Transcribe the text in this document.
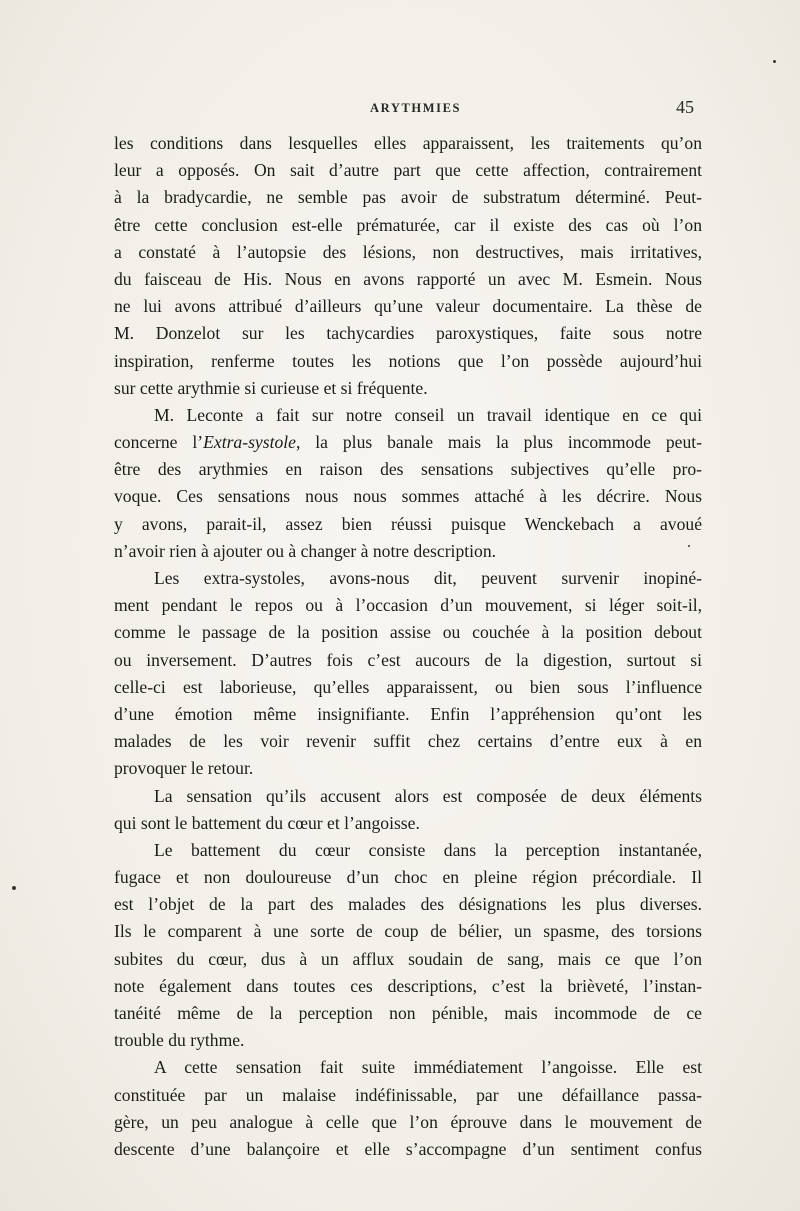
ARYTHMIES	45
les conditions dans lesquelles elles apparaissent, les traitements qu’on
leur a opposés. On sait d’autre part que cette affection, contrairement
à la bradycardie, ne semble pas avoir de substratum déterminé. Peut-
être cette conclusion est-elle prématurée, car il existe des cas où l’on
a constaté à l’autopsie des lésions, non destructives, mais irritatives,
du faisceau de His. Nous en avons rapporté un avec M. Esmein. Nous
ne lui avons attribué d’ailleurs qu’une valeur documentaire. La thèse de
M. Donzelot sur les tachycardies paroxystiques, faite sous notre
inspiration, renferme toutes les notions que l’on possède aujourd’hui
sur cette arythmie si curieuse et si fréquente.
M. Leconte a fait sur notre conseil un travail identique en ce qui
concerne l’Extra-systole, la plus banale mais la plus incommode peut-
être des arythmies en raison des sensations subjectives qu’elle pro-
voque. Ces sensations nous nous sommes attaché à les décrire. Nous
y avons, parait-il, assez bien réussi puisque Wenckebach a avoué
n’avoir rien à ajouter ou à changer à notre description.
Les extra-systoles, avons-nous dit, peuvent survenir inopiné-
ment pendant le repos ou à l’occasion d’un mouvement, si léger soit-il,
comme le passage de la position assise ou couchée à la position debout
ou inversement. D’autres fois c’est aucours de la digestion, surtout si
celle-ci est laborieuse, qu’elles apparaissent, ou bien sous l’influence
d’une émotion même insignifiante. Enfin l’appréhension qu’ont les
malades de les voir revenir suffit chez certains d’entre eux à en
provoquer le retour.
La sensation qu’ils accusent alors est composée de deux éléments
qui sont le battement du cœur et l’angoisse.
Le battement du cœur consiste dans la perception instantanée,
fugace et non douloureuse d’un choc en pleine région précordiale. Il
est l’objet de la part des malades des désignations les plus diverses.
Ils le comparent à une sorte de coup de bélier, un spasme, des torsions
subites du cœur, dus à un afflux soudain de sang, mais ce que l’on
note également dans toutes ces descriptions, c’est la brièveté, l’instan-
tanéité même de la perception non pénible, mais incommode de ce
trouble du rythme.
A cette sensation fait suite immédiatement l’angoisse. Elle est
constituée par un malaise indéfinissable, par une défaillance passa-
gère, un peu analogue à celle que l’on éprouve dans le mouvement de
descente d’une balançoire et elle s’accompagne d’un sentiment confus
